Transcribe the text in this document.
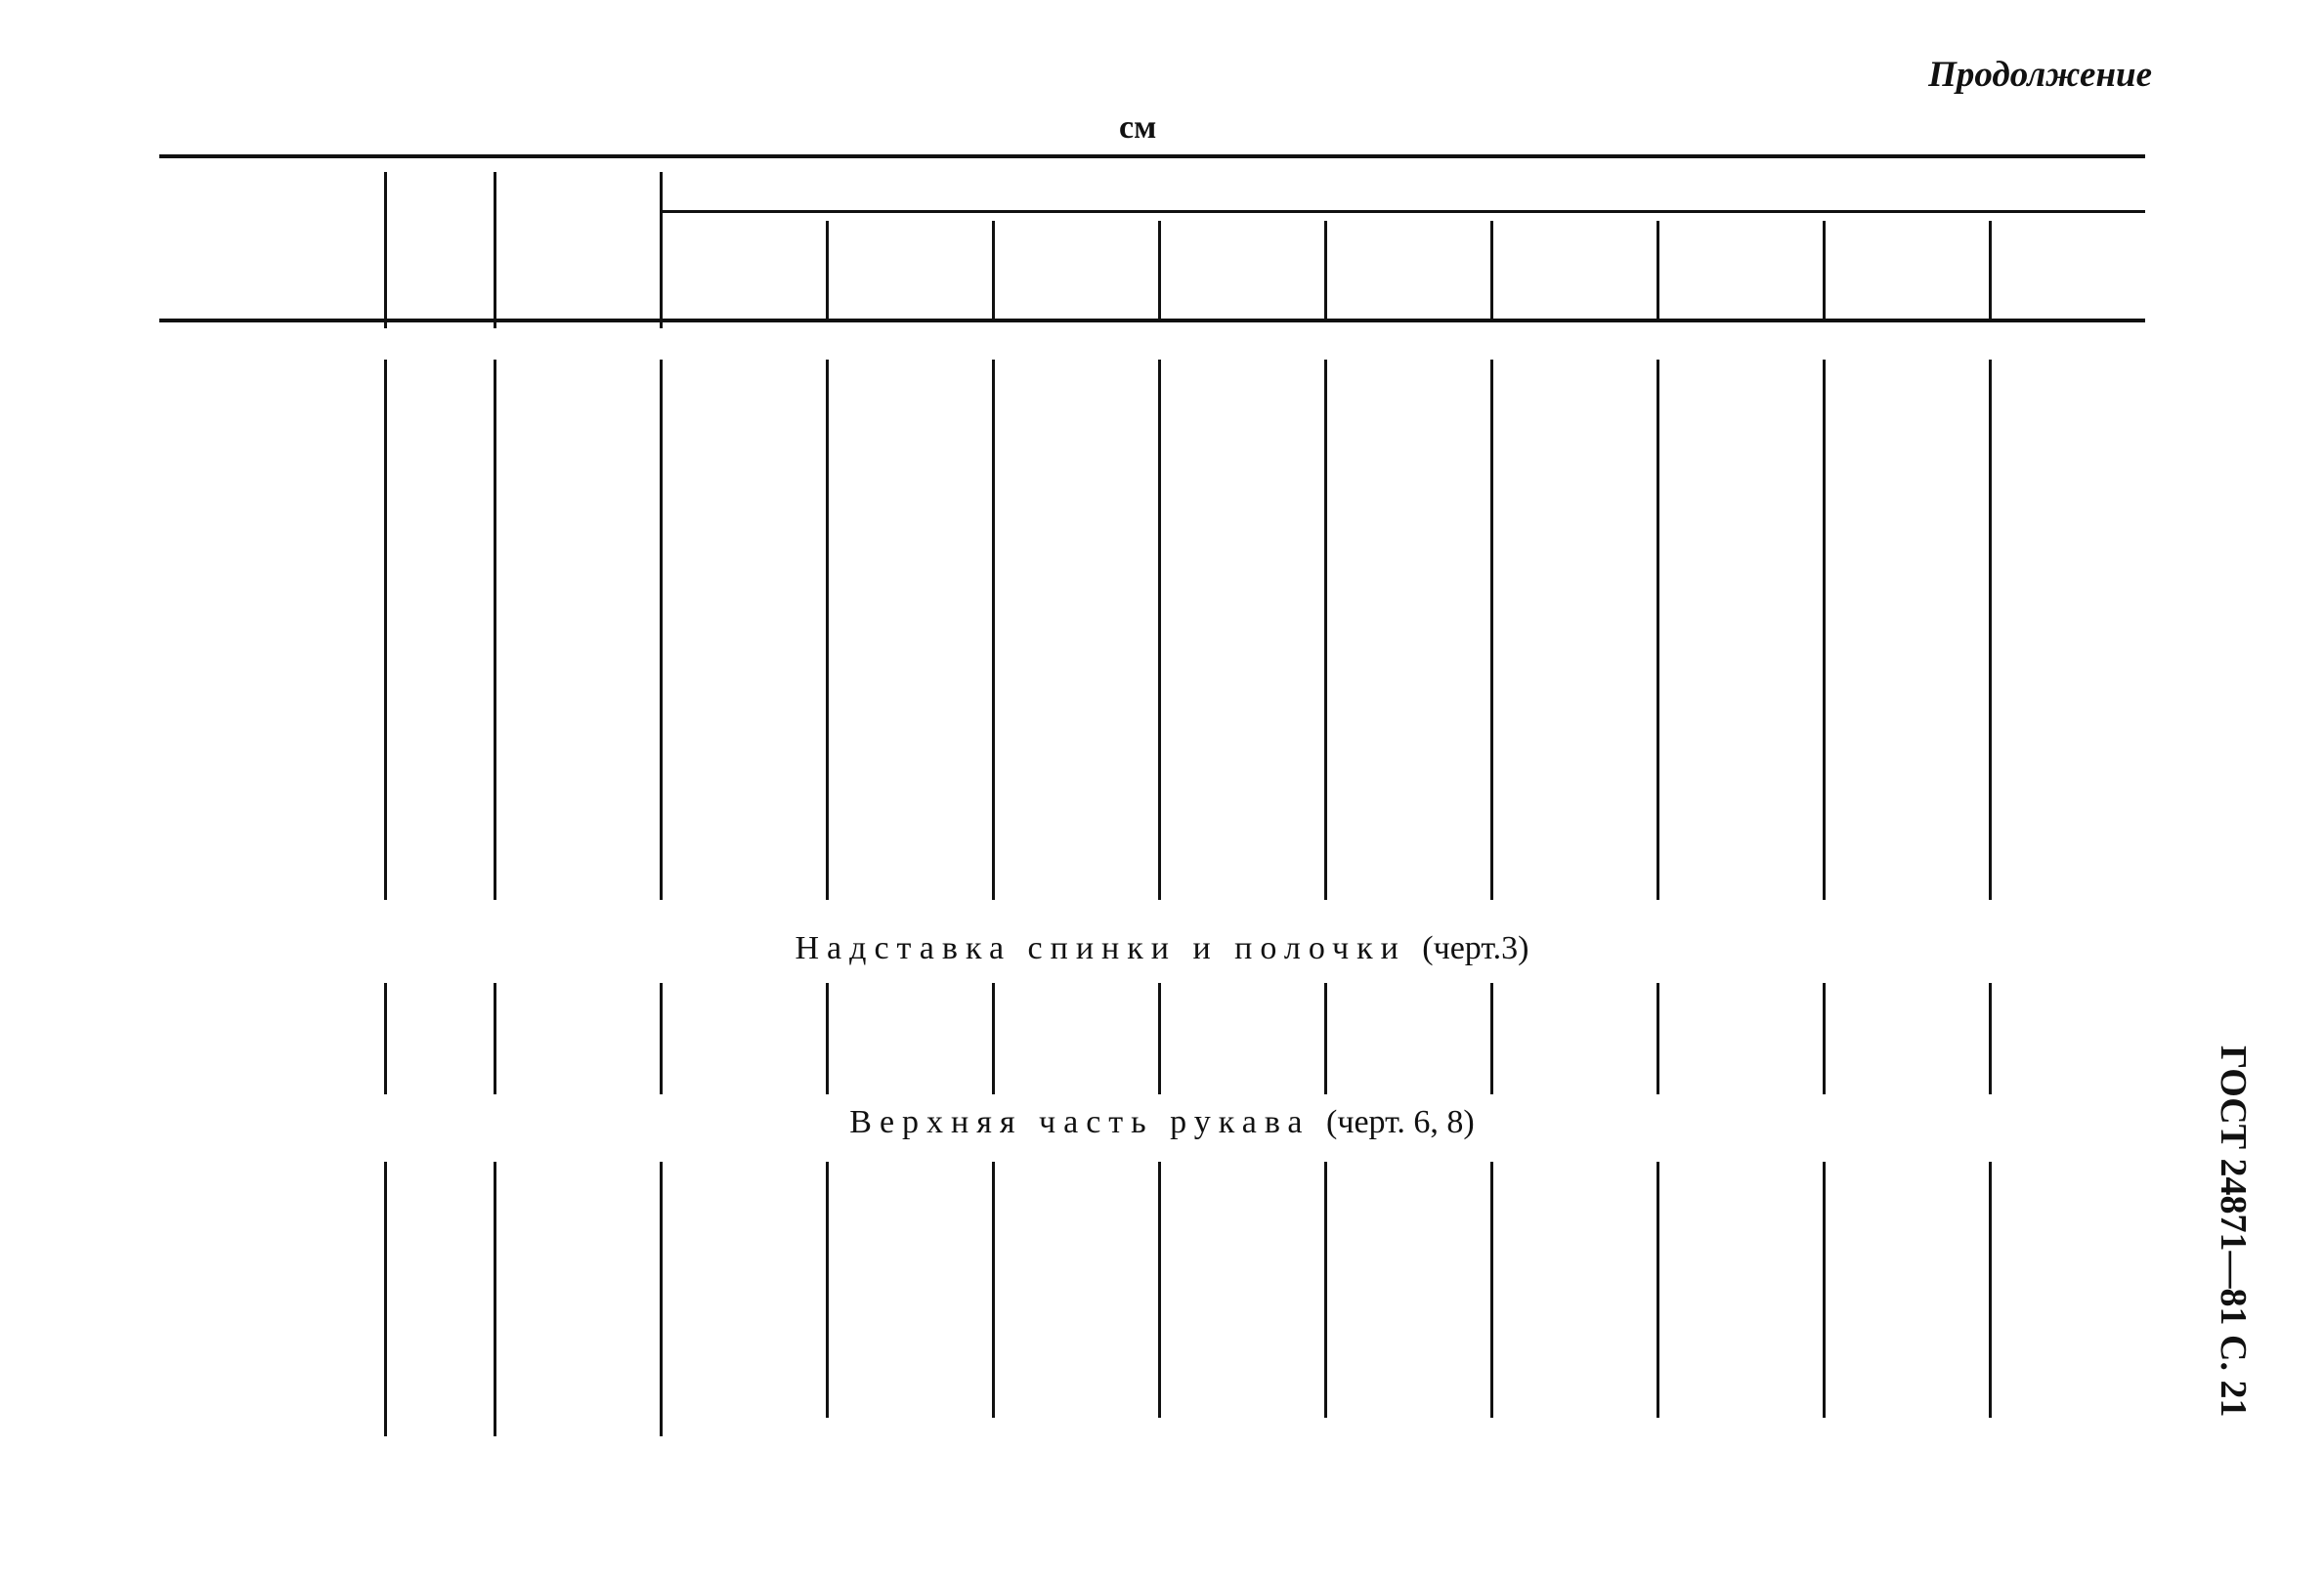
Продолжение
см
Надставка спинки и полочки (черт.3)
Верхняя часть рукава (черт. 6, 8)	ГОСТ 24871—81 С. 21
